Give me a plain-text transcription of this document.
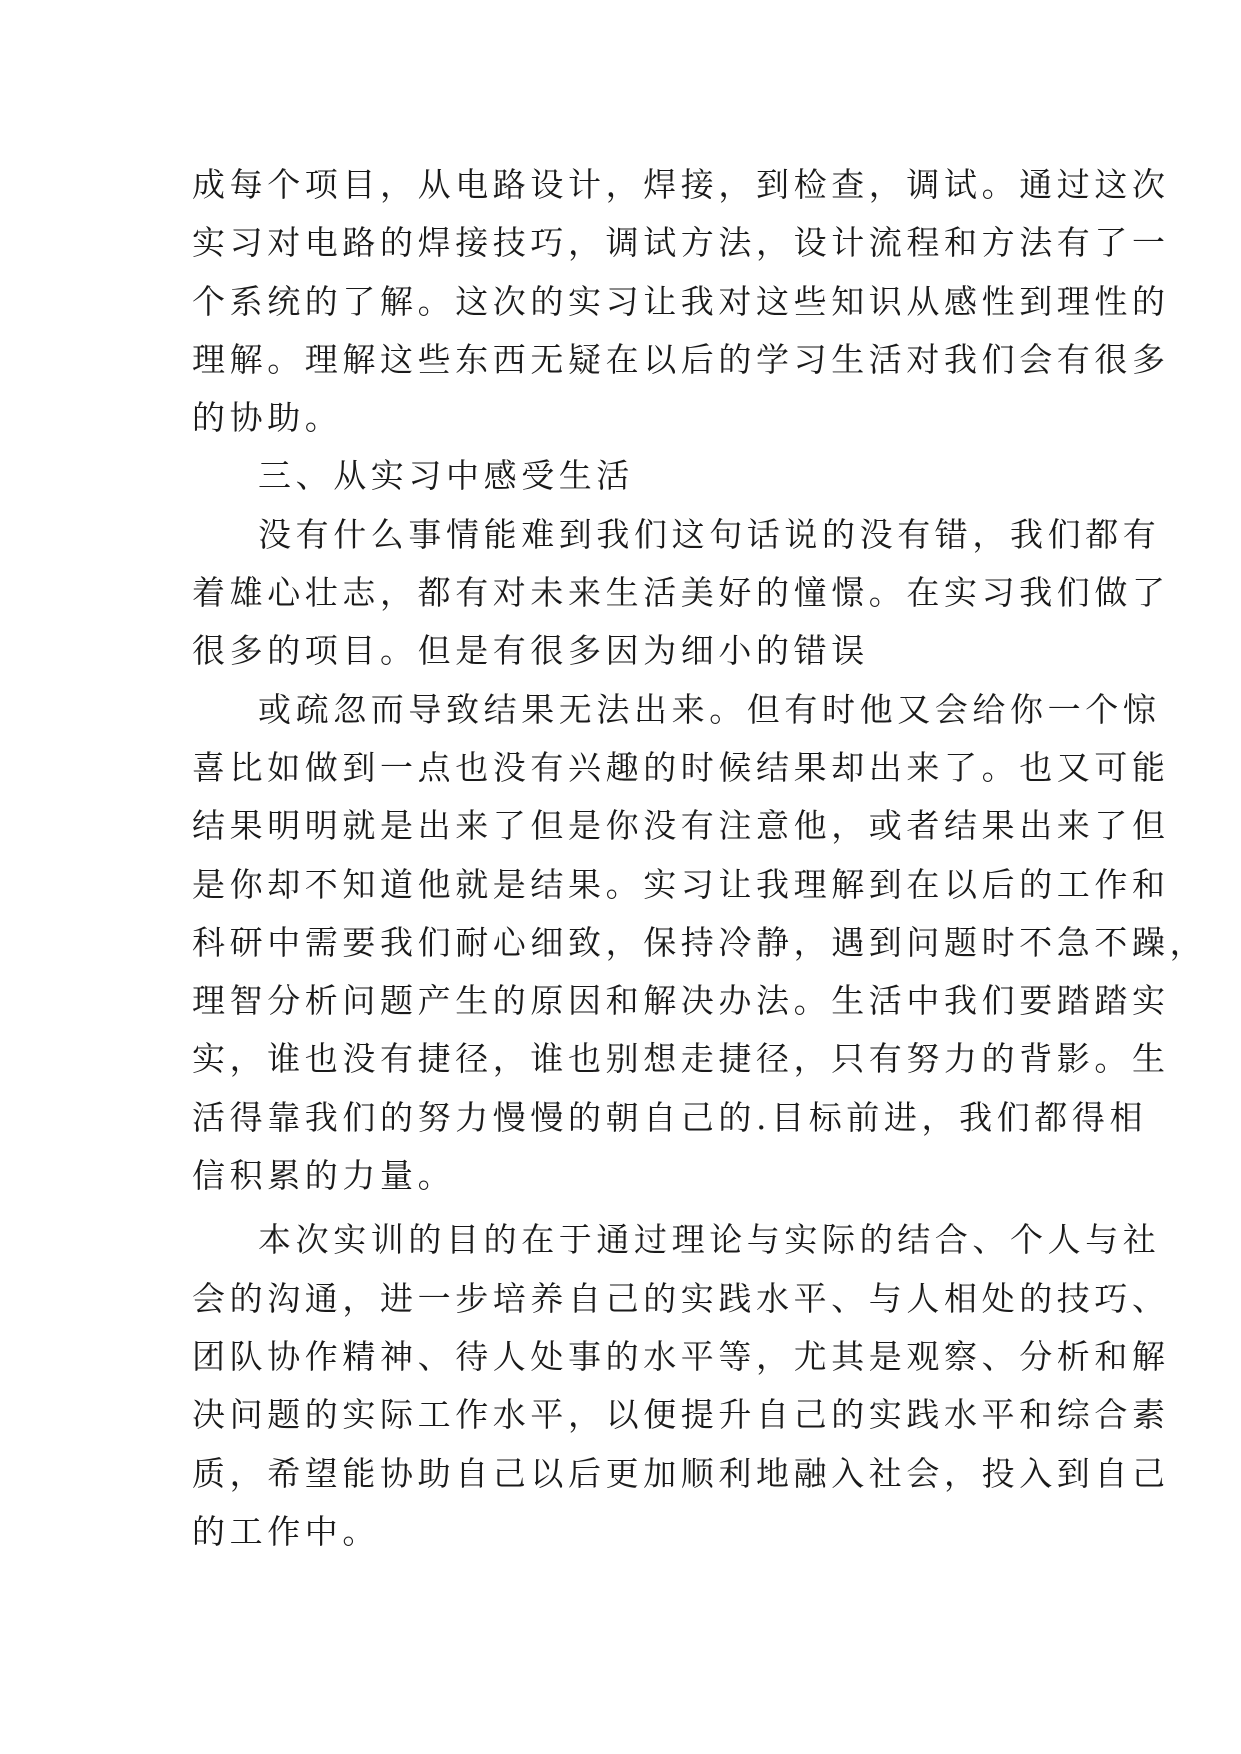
成每个项目，从电路设计，焊接，到检查，调试。通过这次
实习对电路的焊接技巧，调试方法，设计流程和方法有了一
个系统的了解。这次的实习让我对这些知识从感性到理性的
理解。理解这些东西无疑在以后的学习生活对我们会有很多
的协助。
三、从实习中感受生活
没有什么事情能难到我们这句话说的没有错，我们都有
着雄心壮志，都有对未来生活美好的憧憬。在实习我们做了
很多的项目。但是有很多因为细小的错误
或疏忽而导致结果无法出来。但有时他又会给你一个惊
喜比如做到一点也没有兴趣的时候结果却出来了。也又可能
结果明明就是出来了但是你没有注意他，或者结果出来了但
是你却不知道他就是结果。实习让我理解到在以后的工作和
科研中需要我们耐心细致，保持冷静，遇到问题时不急不躁，
理智分析问题产生的原因和解决办法。生活中我们要踏踏实
实，谁也没有捷径，谁也别想走捷径，只有努力的背影。生
活得靠我们的努力慢慢的朝自己的.目标前进，我们都得相
信积累的力量。
本次实训的目的在于通过理论与实际的结合、个人与社
会的沟通，进一步培养自己的实践水平、与人相处的技巧、
团队协作精神、待人处事的水平等，尤其是观察、分析和解
决问题的实际工作水平，以便提升自己的实践水平和综合素
质，希望能协助自己以后更加顺利地融入社会，投入到自己
的工作中。
